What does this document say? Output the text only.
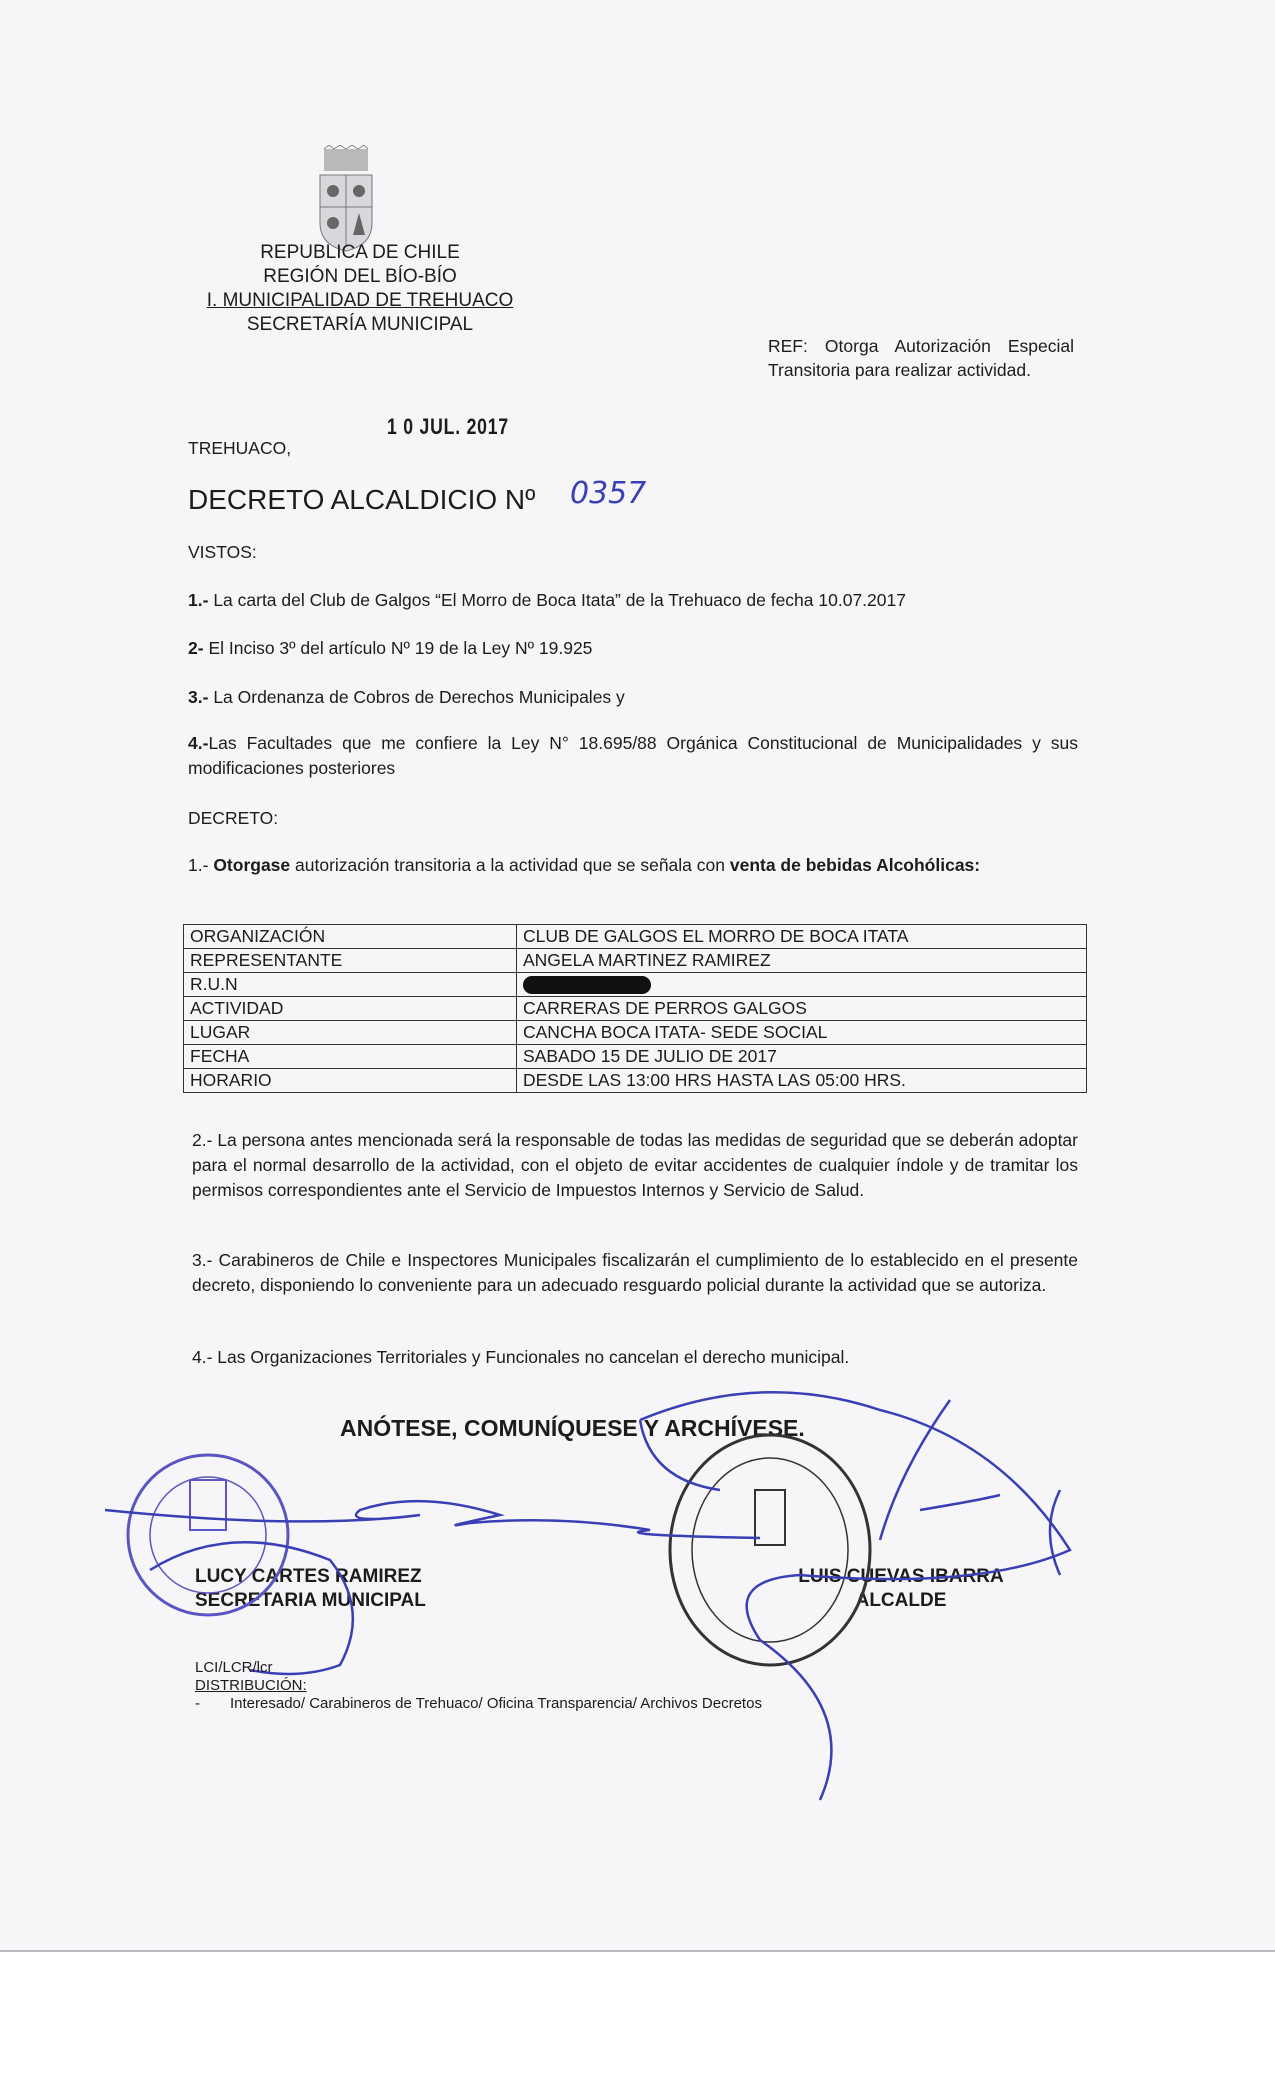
REPUBLICA DE CHILE
REGIÓN DEL BÍO-BÍO
I. MUNICIPALIDAD DE TREHUACO
SECRETARÍA MUNICIPAL
REF: Otorga Autorización Especial Transitoria para realizar actividad.
TREHUACO,
1 0 JUL. 2017
DECRETO ALCALDICIO Nº 0357
VISTOS:
1.- La carta del Club de Galgos “El Morro de Boca Itata” de la Trehuaco de fecha 10.07.2017
2- El Inciso 3º del artículo Nº 19 de la Ley Nº 19.925
3.- La Ordenanza de Cobros de Derechos Municipales y
4.-Las Facultades que me confiere la Ley N° 18.695/88 Orgánica Constitucional de Municipalidades y sus modificaciones posteriores
DECRETO:
1.- Otorgase autorización transitoria a la actividad que se señala con venta de bebidas Alcohólicas:
ORGANIZACIÓN	CLUB DE GALGOS EL MORRO DE BOCA ITATA
REPRESENTANTE	ANGELA MARTINEZ RAMIREZ
R.U.N	
ACTIVIDAD	CARRERAS DE PERROS GALGOS
LUGAR	CANCHA BOCA ITATA- SEDE SOCIAL
FECHA	SABADO 15 DE JULIO DE 2017
HORARIO	DESDE LAS 13:00 HRS HASTA LAS 05:00 HRS.
2.- La persona antes mencionada será la responsable de todas las medidas de seguridad que se deberán adoptar para el normal desarrollo de la actividad, con el objeto de evitar accidentes de cualquier índole y de tramitar los permisos correspondientes ante el Servicio de Impuestos Internos y Servicio de Salud.
3.- Carabineros de Chile e Inspectores Municipales fiscalizarán el cumplimiento de lo establecido en el presente decreto, disponiendo lo conveniente para un adecuado resguardo policial durante la actividad que se autoriza.
4.- Las Organizaciones Territoriales y Funcionales no cancelan el derecho municipal.
ANÓTESE, COMUNÍQUESE Y ARCHÍVESE.
LUCY CARTES RAMIREZ
SECRETARIA MUNICIPAL
LUIS CUEVAS IBARRA
ALCALDE
LCI/LCR/lcr
DISTRIBUCIÓN:
- Interesado/ Carabineros de Trehuaco/ Oficina Transparencia/ Archivos Decretos
